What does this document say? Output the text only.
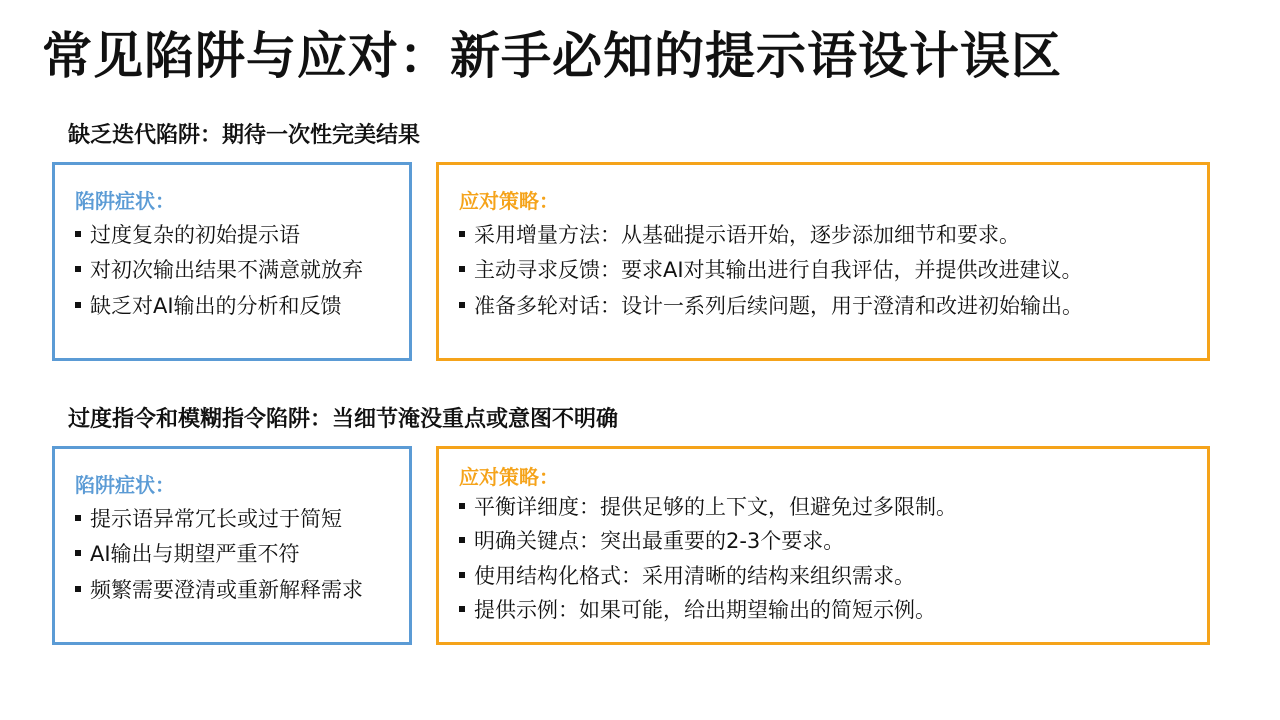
常见陷阱与应对：新手必知的提示语设计误区
缺乏迭代陷阱：期待一次性完美结果
陷阱症状：
过度复杂的初始提示语
对初次输出结果不满意就放弃
缺乏对AI输出的分析和反馈
应对策略：
采用增量方法：从基础提示语开始，逐步添加细节和要求。
主动寻求反馈：要求AI对其输出进行自我评估，并提供改进建议。
准备多轮对话：设计一系列后续问题，用于澄清和改进初始输出。
过度指令和模糊指令陷阱：当细节淹没重点或意图不明确
陷阱症状：
提示语异常冗长或过于简短
AI输出与期望严重不符
频繁需要澄清或重新解释需求
应对策略：
平衡详细度：提供足够的上下文，但避免过多限制。
明确关键点：突出最重要的2-3个要求。
使用结构化格式：采用清晰的结构来组织需求。
提供示例：如果可能，给出期望输出的简短示例。
